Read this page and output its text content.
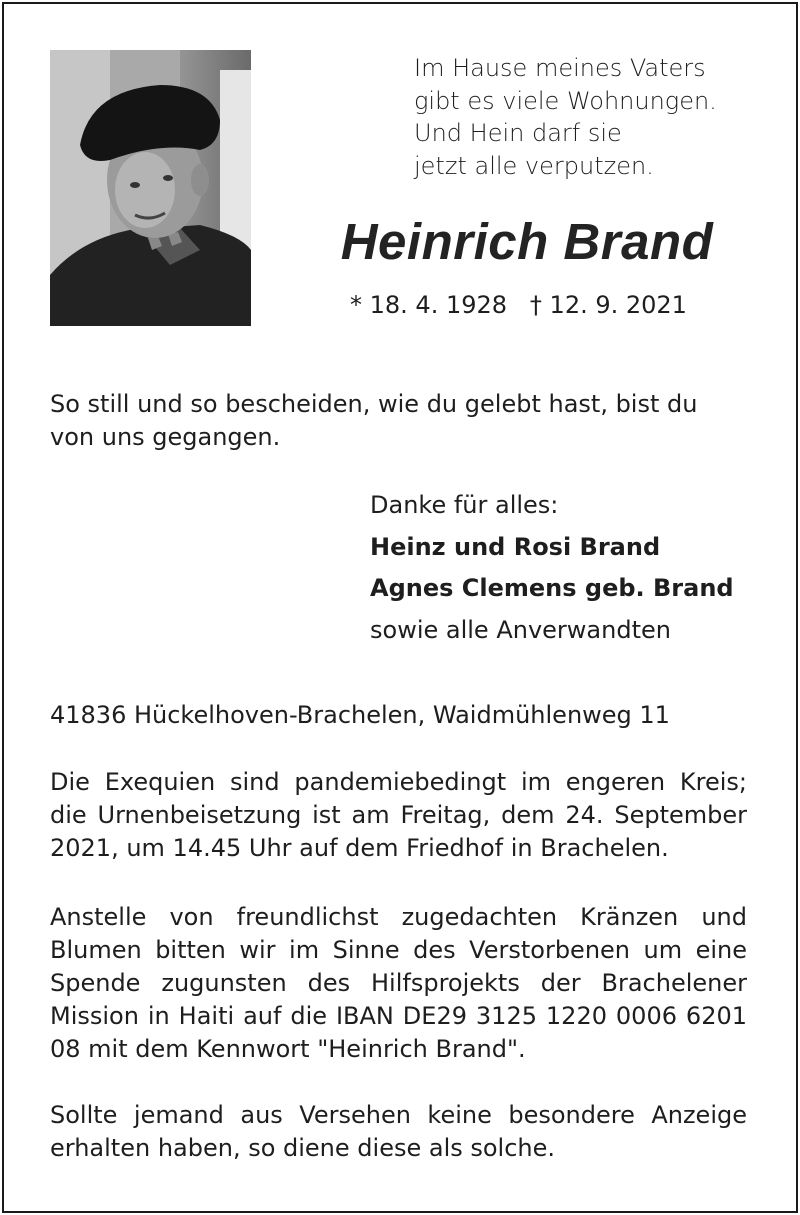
Im Hause meines Vaters
gibt es viele Wohnungen.
Und Hein darf sie
jetzt alle verputzen.
Heinrich Brand
* 18. 4. 1928   † 12. 9. 2021
So still und so bescheiden, wie du gelebt hast, bist du von uns gegangen.
Danke für alles:
Heinz und Rosi Brand
Agnes Clemens geb. Brand
sowie alle Anverwandten
41836 Hückelhoven-Brachelen, Waidmühlenweg 11
Die Exequien sind pandemiebedingt im engeren Kreis; die Urnenbeisetzung ist am Freitag, dem 24. September 2021, um 14.45 Uhr auf dem Friedhof in Brachelen.
Anstelle von freundlichst zugedachten Kränzen und Blumen bitten wir im Sinne des Verstorbenen um eine Spende zugunsten des Hilfsprojekts der Brachelener Mission in Haiti auf die IBAN DE29 3125 1220 0006 6201 08 mit dem Kennwort "Heinrich Brand".
Sollte jemand aus Versehen keine besondere Anzeige erhalten haben, so diene diese als solche.
